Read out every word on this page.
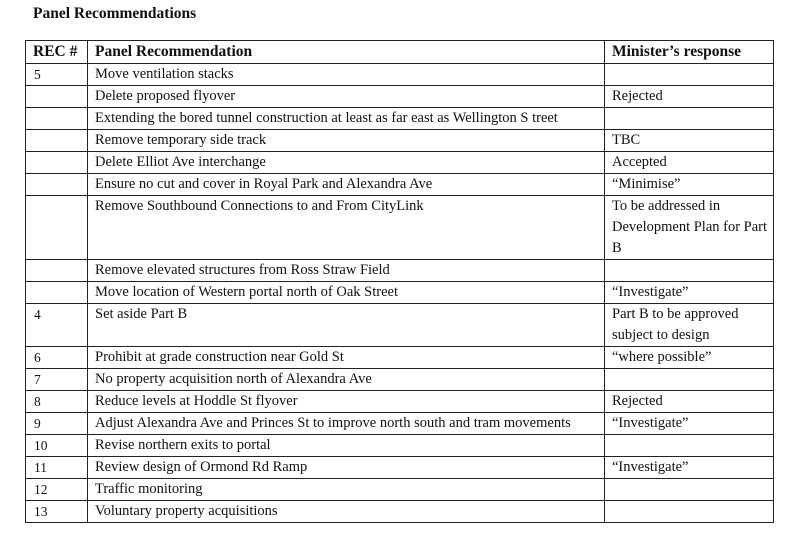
Panel Recommendations
REC #	Panel Recommendation	Minister’s response
5	Move ventilation stacks	
	Delete proposed flyover	Rejected
	Extending the bored tunnel construction at least as far east as Wellington S treet	
	Remove temporary side track	TBC
	Delete Elliot Ave interchange	Accepted
	Ensure no cut and cover in Royal Park and Alexandra Ave	“Minimise”
	Remove Southbound Connections to and From CityLink	To be addressed in Development Plan for Part B
	Remove elevated structures from Ross Straw Field	
	Move location of Western portal north of Oak Street	“Investigate”
4	Set aside Part B	Part B to be approved subject to design
6	Prohibit at grade construction near Gold St	“where possible”
7	No property acquisition north of Alexandra Ave	
8	Reduce levels at Hoddle St flyover	Rejected
9	Adjust Alexandra Ave and Princes St to improve north south and tram movements	“Investigate”
10	Revise northern exits to portal	
11	Review design of Ormond Rd Ramp	“Investigate”
12	Traffic monitoring	
13	Voluntary property acquisitions	
